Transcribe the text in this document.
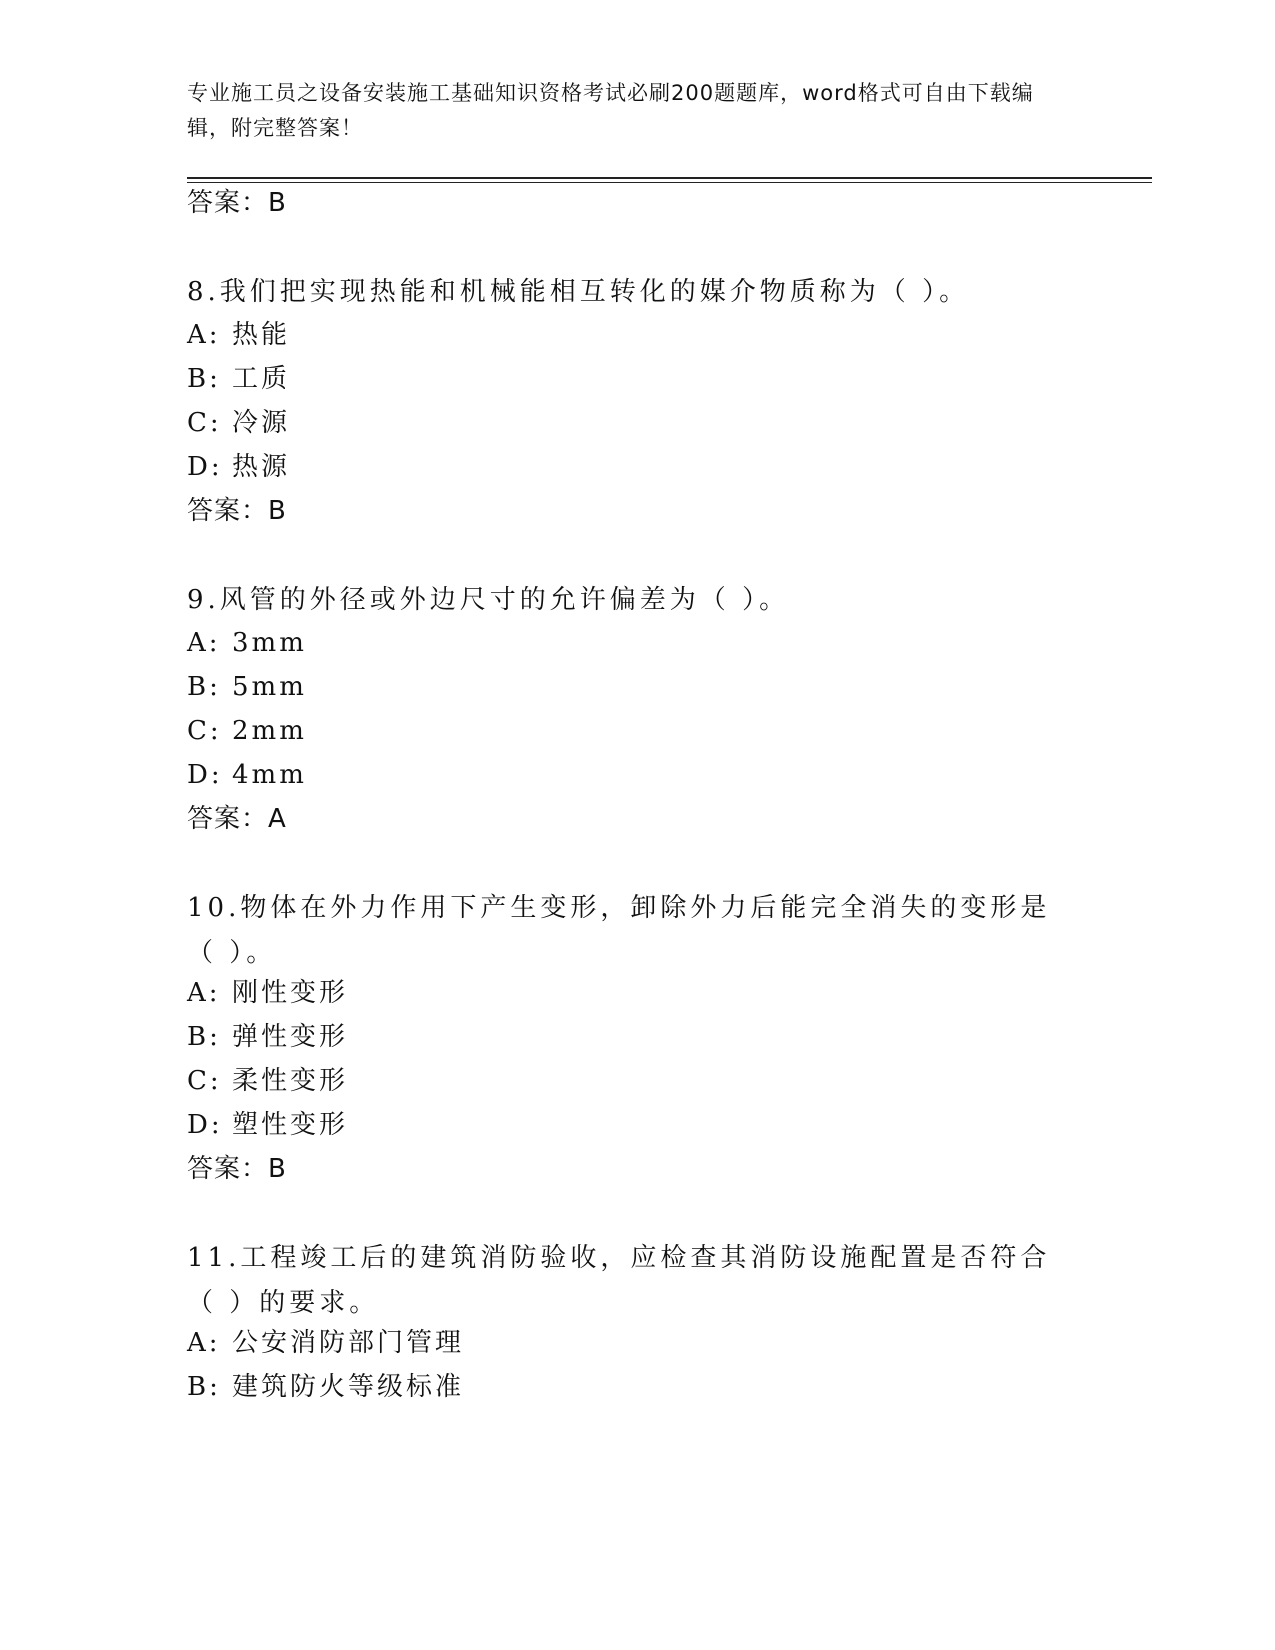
专业施工员之设备安装施工基础知识资格考试必刷200题题库，word格式可自由下载编辑，附完整答案！
答案：B
8.我们把实现热能和机械能相互转化的媒介物质称为（ ）。
A: 热能
B: 工质
C: 冷源
D: 热源
答案：B
9.风管的外径或外边尺寸的允许偏差为（ ）。
A: 3mm
B: 5mm
C: 2mm
D: 4mm
答案：A
10.物体在外力作用下产生变形，卸除外力后能完全消失的变形是（ ）。
A: 刚性变形
B: 弹性变形
C: 柔性变形
D: 塑性变形
答案：B
11.工程竣工后的建筑消防验收，应检查其消防设施配置是否符合（ ）的要求。
A: 公安消防部门管理
B: 建筑防火等级标准
